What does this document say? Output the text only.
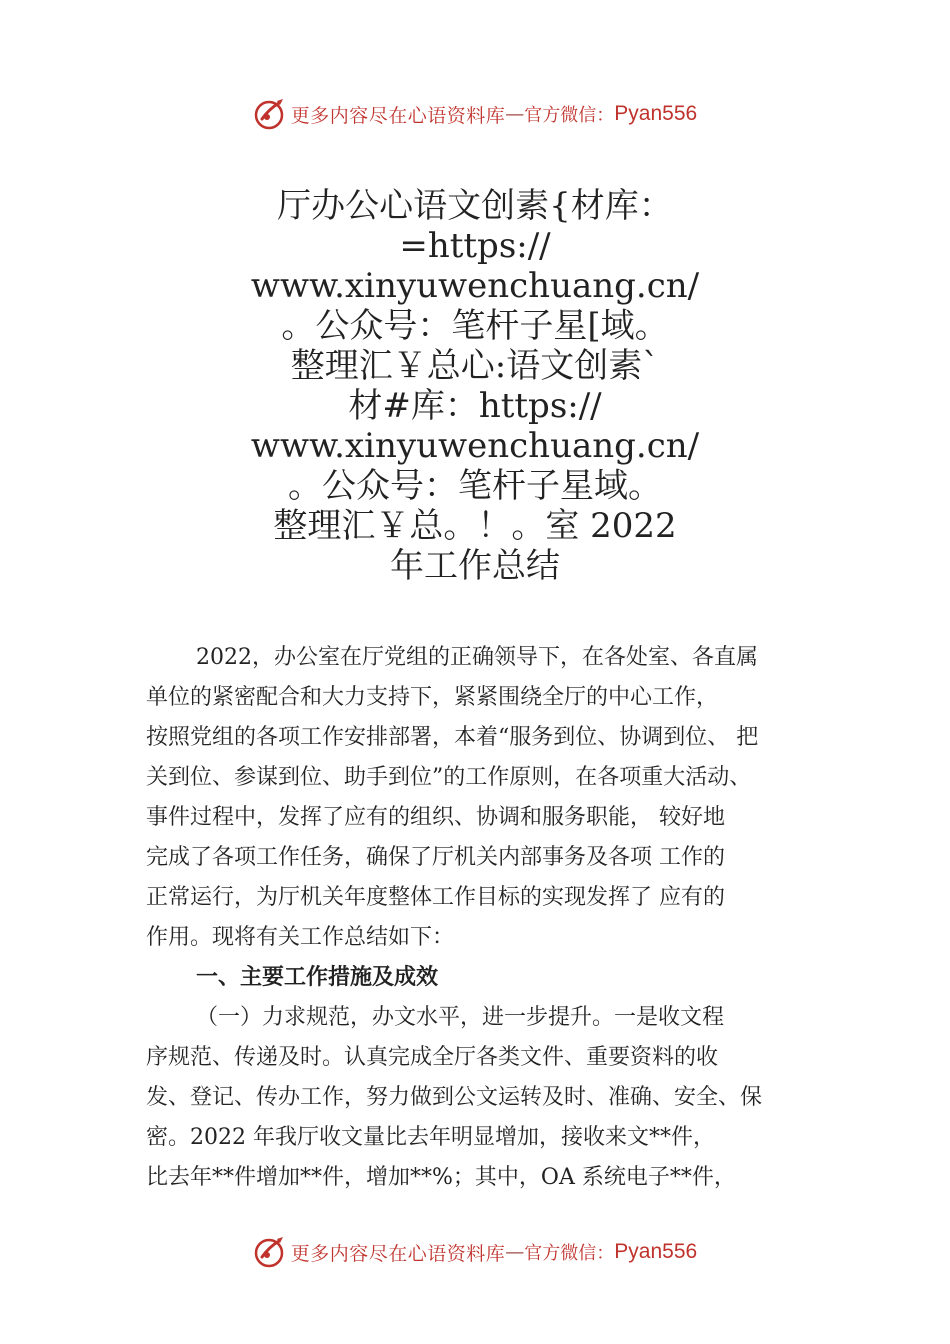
更多内容尽在心语资料库 — 官方微信： Pyan556
厅办公心语文创素{材库：
=https://
www.xinyuwenchuang.cn/
。公众号：笔杆子星[域。
整理汇￥总心:语文创素`
材#库：https://
www.xinyuwenchuang.cn/
。公众号：笔杆子星域。
整理汇￥总。！。室 2022
年工作总结
2022，办公室在厅党组的正确领导下，在各处室、各直属
单位的紧密配合和大力支持下，紧紧围绕全厅的中心工作，
按照党组的各项工作安排部署，本着“服务到位、协调到位、 把
关到位、参谋到位、助手到位”的工作原则，在各项重大活动、
事件过程中，发挥了应有的组织、协调和服务职能， 较好地
完成了各项工作任务，确保了厅机关内部事务及各项 工作的
正常运行，为厅机关年度整体工作目标的实现发挥了 应有的
作用。现将有关工作总结如下：
一、主要工作措施及成效
（一）力求规范，办文水平，进一步提升。一是收文程
序规范、传递及时。认真完成全厅各类文件、重要资料的收
发、登记、传办工作，努力做到公文运转及时、准确、安全、保
密。2022 年我厅收文量比去年明显增加，接收来文**件，
比去年**件增加**件，增加**%；其中，OA 系统电子**件，
更多内容尽在心语资料库 — 官方微信： Pyan556
